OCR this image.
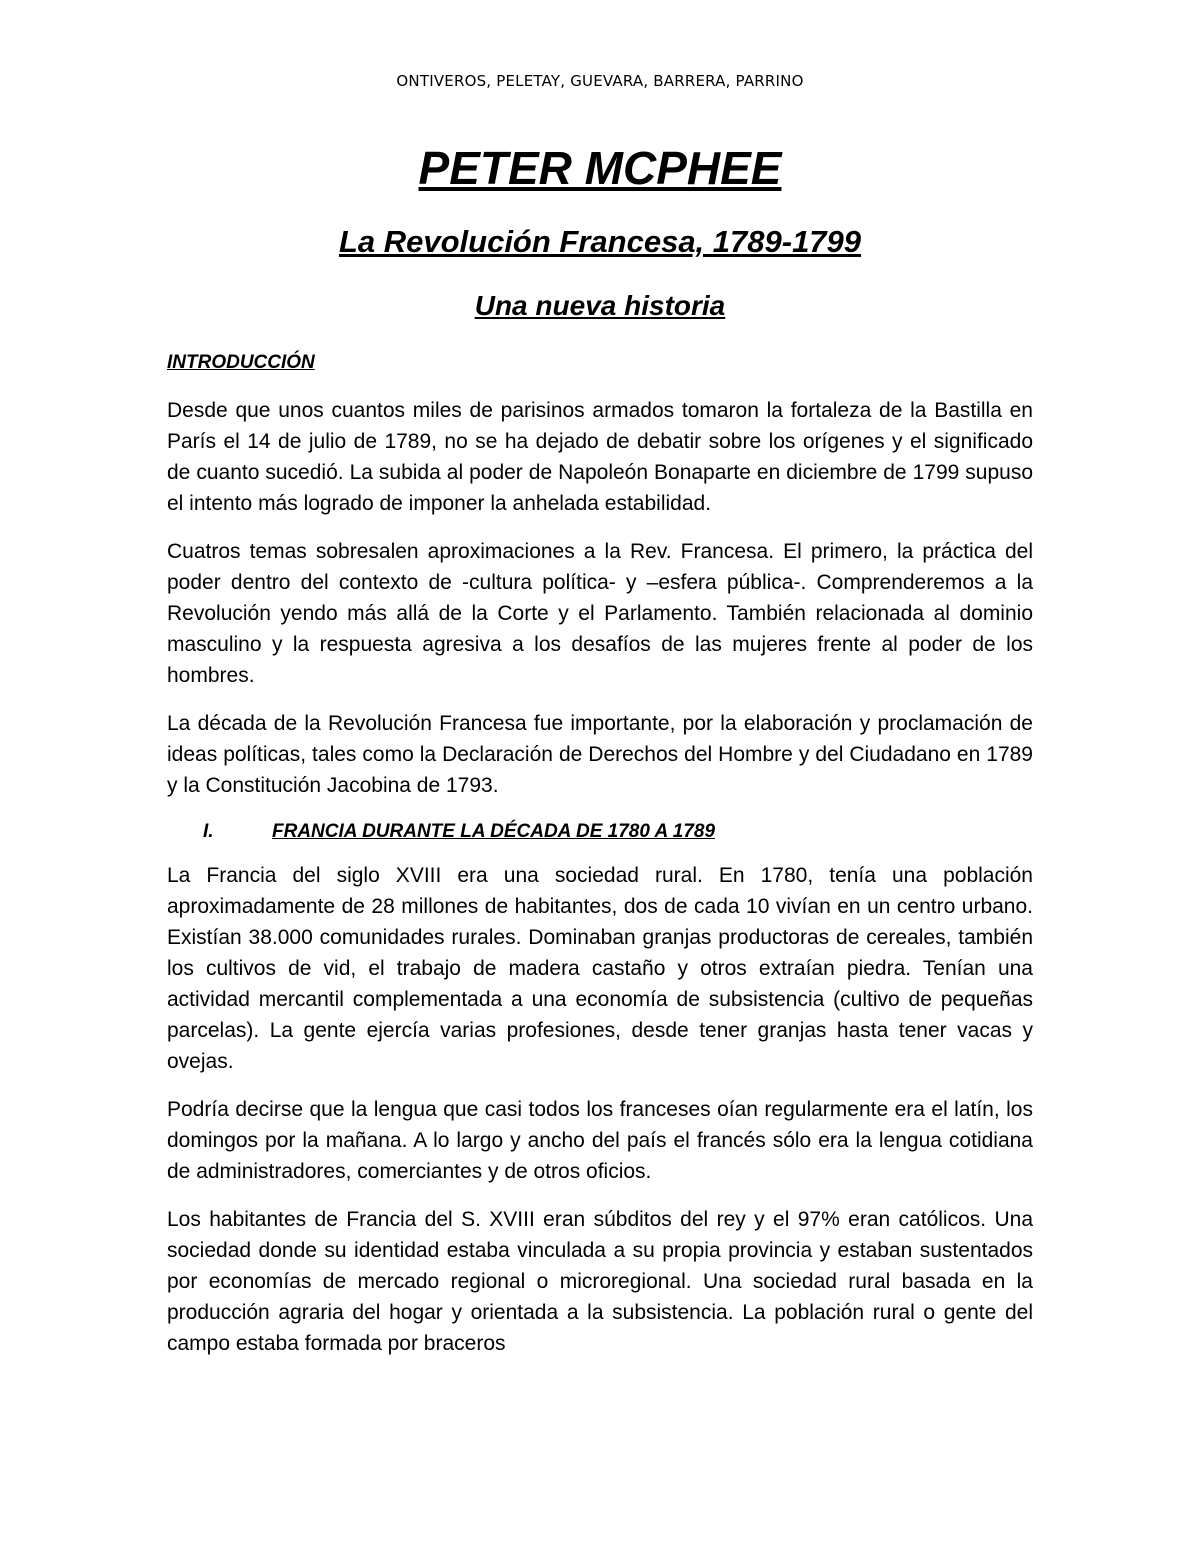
ONTIVEROS, PELETAY, GUEVARA, BARRERA, PARRINO
PETER MCPHEE
La Revolución Francesa, 1789-1799
Una nueva historia
INTRODUCCIÓN

Desde que unos cuantos miles de parisinos armados tomaron la fortaleza de la Bastilla en París el 14 de julio de 1789, no se ha dejado de debatir sobre los orígenes y el significado de cuanto sucedió. La subida al poder de Napoleón Bonaparte en diciembre de 1799 supuso el intento más logrado de imponer la anhelada estabilidad.

Cuatros temas sobresalen aproximaciones a la Rev. Francesa. El primero, la práctica del poder dentro del contexto de -cultura política- y –esfera pública-. Comprenderemos a la Revolución yendo más allá de la Corte y el Parlamento. También relacionada al dominio masculino y la respuesta agresiva a los desafíos de las mujeres frente al poder de los hombres.

La década de la Revolución Francesa fue importante, por la elaboración y proclamación de ideas políticas, tales como la Declaración de Derechos del Hombre y del Ciudadano en 1789 y la Constitución Jacobina de 1793.

I.	FRANCIA DURANTE LA DÉCADA DE 1780 A 1789

La Francia del siglo XVIII era una sociedad rural. En 1780, tenía una población aproximadamente de 28 millones de habitantes, dos de cada 10 vivían en un centro urbano. Existían 38.000 comunidades rurales. Dominaban granjas productoras de cereales, también los cultivos de vid, el trabajo de madera castaño y otros extraían piedra. Tenían una actividad mercantil complementada a una economía de subsistencia (cultivo de pequeñas parcelas). La gente ejercía varias profesiones, desde tener granjas hasta tener vacas y ovejas.

Podría decirse que la lengua que casi todos los franceses oían regularmente era el latín, los domingos por la mañana. A lo largo y ancho del país el francés sólo era la lengua cotidiana de administradores, comerciantes y de otros oficios.

Los habitantes de Francia del S. XVIII eran súbditos del rey y el 97% eran católicos. Una sociedad donde su identidad estaba vinculada a su propia provincia y estaban sustentados por economías de mercado regional o microregional. Una sociedad rural basada en la producción agraria del hogar y orientada a la subsistencia. La población rural o gente del campo estaba formada por braceros
